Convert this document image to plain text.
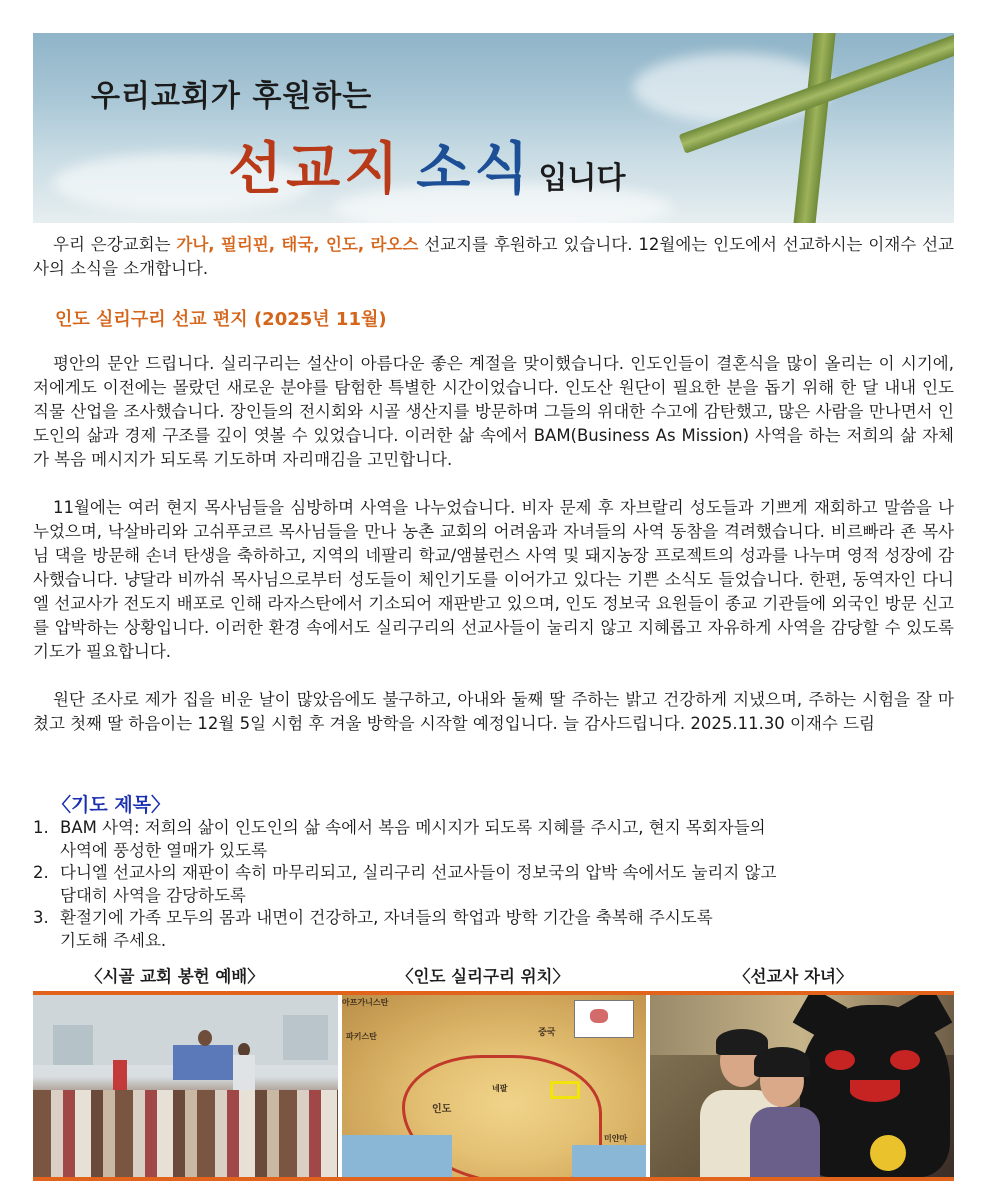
우리교회가 후원하는
선교지 소식 입니다

우리 은강교회는 가나, 필리핀, 태국, 인도, 라오스 선교지를 후원하고 있습니다. 12월에는 인도에서 선교하시는 이재수 선교사의 소식을 소개합니다.

인도 실리구리 선교 편지 (2025년 11월)

평안의 문안 드립니다. 실리구리는 설산이 아름다운 좋은 계절을 맞이했습니다. 인도인들이 결혼식을 많이 올리는 이 시기에, 저에게도 이전에는 몰랐던 새로운 분야를 탐험한 특별한 시간이었습니다. 인도산 원단이 필요한 분을 돕기 위해 한 달 내내 인도 직물 산업을 조사했습니다. 장인들의 전시회와 시골 생산지를 방문하며 그들의 위대한 수고에 감탄했고, 많은 사람을 만나면서 인도인의 삶과 경제 구조를 깊이 엿볼 수 있었습니다. 이러한 삶 속에서 BAM(Business As Mission) 사역을 하는 저희의 삶 자체가 복음 메시지가 되도록 기도하며 자리매김을 고민합니다.

11월에는 여러 현지 목사님들을 심방하며 사역을 나누었습니다. 비자 문제 후 자브랄리 성도들과 기쁘게 재회하고 말씀을 나누었으며, 낙살바리와 고쉬푸코르 목사님들을 만나 농촌 교회의 어려움과 자녀들의 사역 동참을 격려했습니다. 비르빠라 죤 목사님 댁을 방문해 손녀 탄생을 축하하고, 지역의 네팔리 학교/앰뷸런스 사역 및 돼지농장 프로젝트의 성과를 나누며 영적 성장에 감사했습니다. 냥달라 비까쉬 목사님으로부터 성도들이 체인기도를 이어가고 있다는 기쁜 소식도 들었습니다. 한편, 동역자인 다니엘 선교사가 전도지 배포로 인해 라자스탄에서 기소되어 재판받고 있으며, 인도 정보국 요원들이 종교 기관들에 외국인 방문 신고를 압박하는 상황입니다. 이러한 환경 속에서도 실리구리의 선교사들이 눌리지 않고 지혜롭고 자유하게 사역을 감당할 수 있도록 기도가 필요합니다.

원단 조사로 제가 집을 비운 날이 많았음에도 불구하고, 아내와 둘째 딸 주하는 밝고 건강하게 지냈으며, 주하는 시험을 잘 마쳤고 첫째 딸 하음이는 12월 5일 시험 후 겨울 방학을 시작할 예정입니다. 늘 감사드립니다. 2025.11.30 이재수 드림

〈기도 제목〉
1. BAM 사역: 저희의 삶이 인도인의 삶 속에서 복음 메시지가 되도록 지혜를 주시고, 현지 목회자들의
사역에 풍성한 열매가 있도록
2. 다니엘 선교사의 재판이 속히 마무리되고, 실리구리 선교사들이 정보국의 압박 속에서도 눌리지 않고
담대히 사역을 감당하도록
3. 환절기에 가족 모두의 몸과 내면이 건강하고, 자녀들의 학업과 방학 기간을 축복해 주시도록
기도해 주세요.
〈시골 교회 봉헌 예배〉	〈인도 실리구리 위치〉	〈선교사 자녀〉
아프가니스탄
파키스탄	중국
네팔
인도
미얀마
